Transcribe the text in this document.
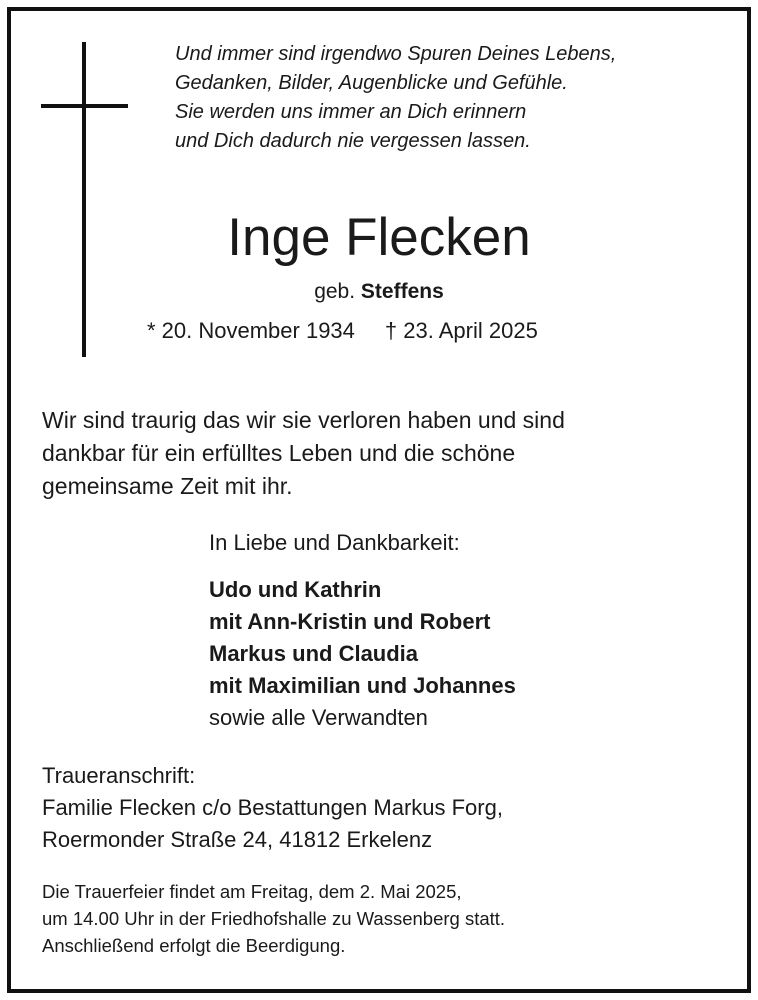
Und immer sind irgendwo Spuren Deines Lebens,
Gedanken, Bilder, Augenblicke und Gefühle.
Sie werden uns immer an Dich erinnern
und Dich dadurch nie vergessen lassen.
Inge Flecken
geb. Steffens
* 20. November 1934 † 23. April 2025
Wir sind traurig das wir sie verloren haben und sind
dankbar für ein erfülltes Leben und die schöne
gemeinsame Zeit mit ihr.
In Liebe und Dankbarkeit:
Udo und Kathrin
mit Ann-Kristin und Robert
Markus und Claudia
mit Maximilian und Johannes
sowie alle Verwandten
Traueranschrift:
Familie Flecken c/o Bestattungen Markus Forg,
Roermonder Straße 24, 41812 Erkelenz
Die Trauerfeier findet am Freitag, dem 2. Mai 2025,
um 14.00 Uhr in der Friedhofshalle zu Wassenberg statt.
Anschließend erfolgt die Beerdigung.
